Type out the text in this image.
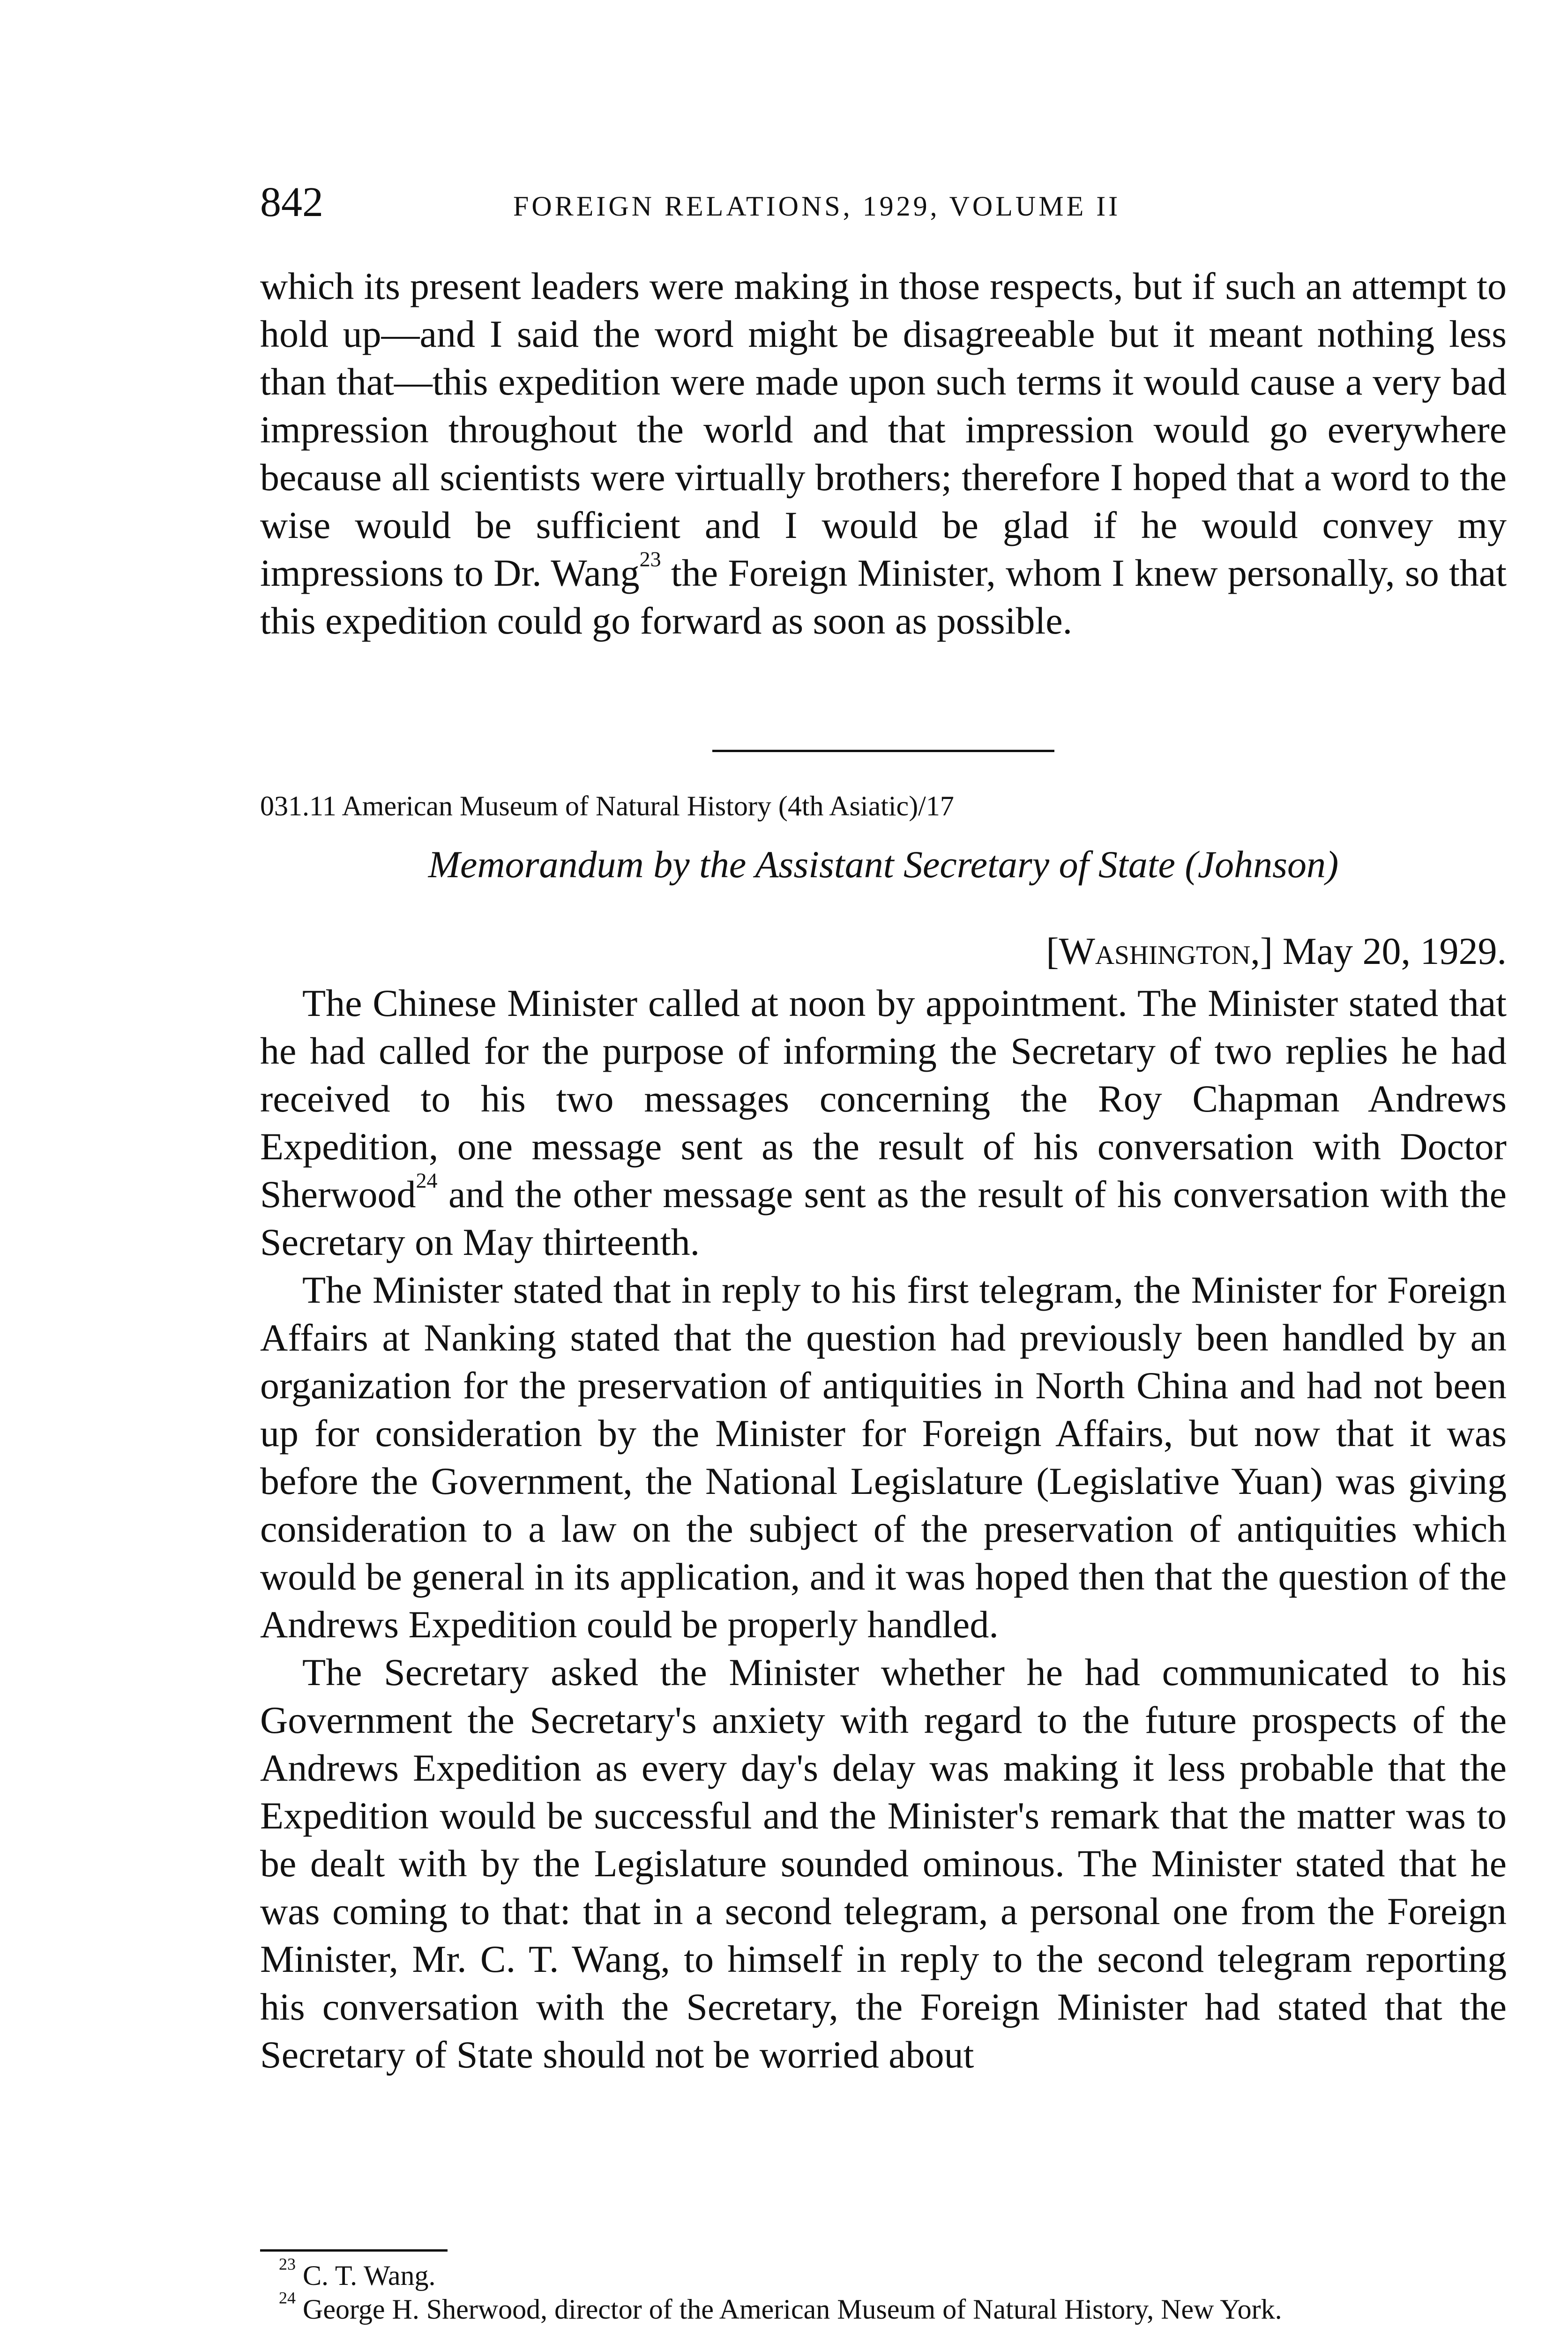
842	FOREIGN RELATIONS, 1929, VOLUME II

which its present leaders were making in those respects, but if such an attempt to hold up—and I said the word might be disagreeable but it meant nothing less than that—this expedition were made upon such terms it would cause a very bad impression throughout the world and that impression would go everywhere because all scientists were virtually brothers; therefore I hoped that a word to the wise would be sufficient and I would be glad if he would convey my impressions to Dr. Wang$^{23}$ the Foreign Minister, whom I knew personally, so that this expedition could go forward as soon as possible.

031.11 American Museum of Natural History (4th Asiatic)/17
Memorandum by the Assistant Secretary of State (Johnson)
[Washington,] May 20, 1929.

The Chinese Minister called at noon by appointment. The Minister stated that he had called for the purpose of informing the Secretary of two replies he had received to his two messages concerning the Roy Chapman Andrews Expedition, one message sent as the result of his conversation with Doctor Sherwood$^{24}$ and the other message sent as the result of his conversation with the Secretary on May thirteenth.

The Minister stated that in reply to his first telegram, the Minister for Foreign Affairs at Nanking stated that the question had previously been handled by an organization for the preservation of antiquities in North China and had not been up for consideration by the Minister for Foreign Affairs, but now that it was before the Government, the National Legislature (Legislative Yuan) was giving consideration to a law on the subject of the preservation of antiquities which would be general in its application, and it was hoped then that the question of the Andrews Expedition could be properly handled.

The Secretary asked the Minister whether he had communicated to his Government the Secretary's anxiety with regard to the future prospects of the Andrews Expedition as every day's delay was making it less probable that the Expedition would be successful and the Minister's remark that the matter was to be dealt with by the Legislature sounded ominous. The Minister stated that he was coming to that: that in a second telegram, a personal one from the Foreign Minister, Mr. C. T. Wang, to himself in reply to the second telegram reporting his conversation with the Secretary, the Foreign Minister had stated that the Secretary of State should not be worried about

$^{23}$ C. T. Wang.

$^{24}$ George H. Sherwood, director of the American Museum of Natural History, New York.
